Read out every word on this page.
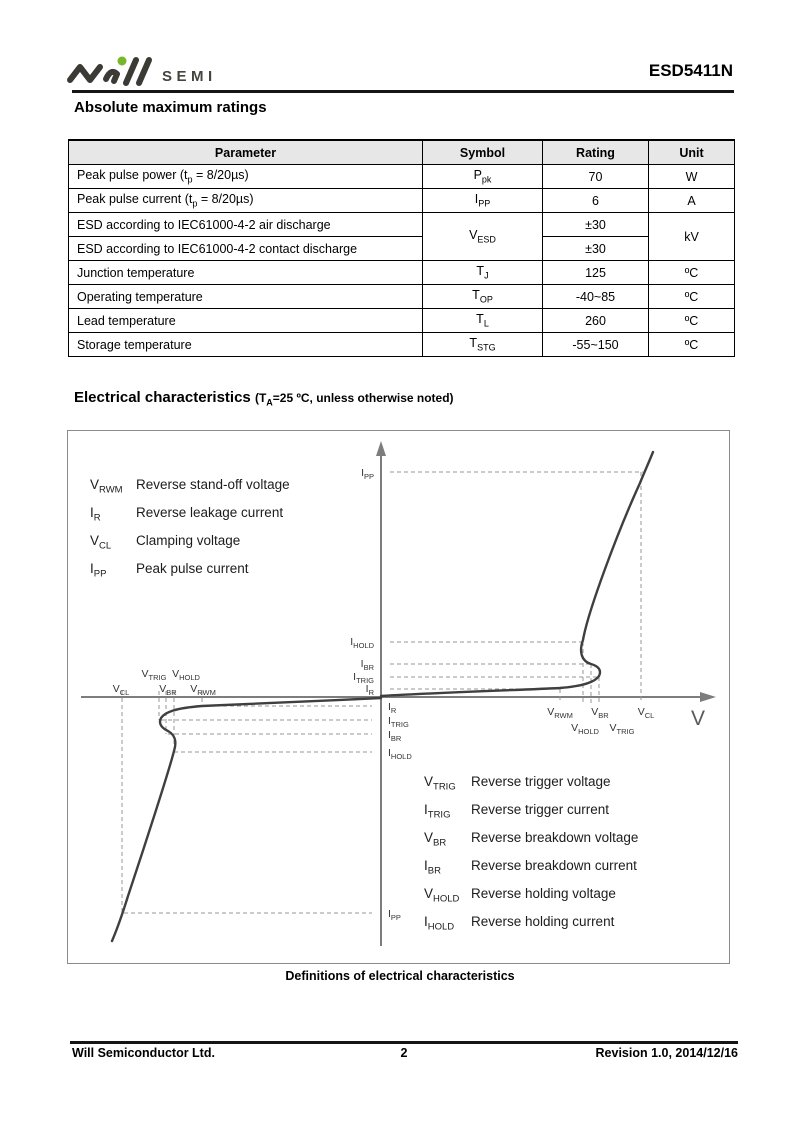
SEMI	ESD5411N
Absolute maximum ratings
Parameter	Symbol	Rating	Unit
Peak pulse power $(t_p = 8/20\mu s)$	$P_{pk}$	70	W
Peak pulse current $(t_p = 8/20\mu s)$	$I_{PP}$	6	A
ESD according to IEC61000-4-2 air discharge	$V_{ESD}$	±30	kV
ESD according to IEC61000-4-2 contact discharge		±30	
Junction temperature	$T_J$	125	ºC
Operating temperature	$T_{OP}$	-40~85	ºC
Lead temperature	$T_L$	260	ºC
Storage temperature	$T_{STG}$	-55~150	ºC
Electrical characteristics ($T_A=25$ ºC, unless otherwise noted)
$I_{PP}$
$I_{HOLD}$
$I_{BR}$
$I_{TRIG}$
$I_R$
$I_R$
$I_{TRIG}$
$I_{BR}$
$I_{HOLD}$
$I_{PP}$
$V_{RWM}$ $V_{BR}$	$V_{CL}$
$V_{HOLD}$ $V_{TRIG}$
$V_{TRIG}$ $V_{HOLD}$
$V_{CL}$	$V_{BR}$ $V_{RWM}$
V
$V_{RWM}$ Reverse stand-off voltage
$I_R$	Reverse leakage current
$V_{CL}$	Clamping voltage
$I_{PP}$	Peak pulse current
$V_{TRIG}$	Reverse trigger voltage
$I_{TRIG}$	Reverse trigger current
$V_{BR}$	Reverse breakdown voltage
$I_{BR}$	Reverse breakdown current
$V_{HOLD}$ Reverse holding voltage
$I_{HOLD}$	Reverse holding current
Definitions of electrical characteristics
2
Will Semiconductor Ltd.	Revision 1.0, 2014/12/16
